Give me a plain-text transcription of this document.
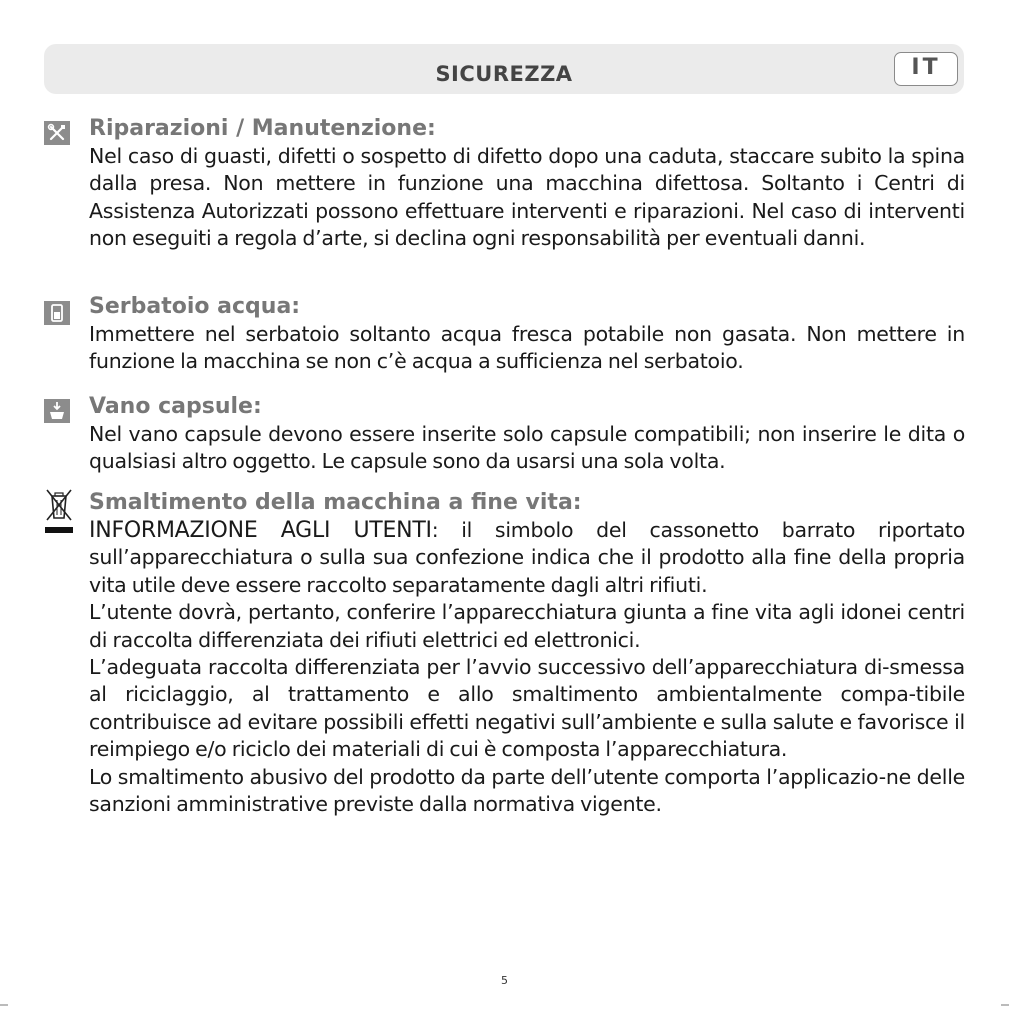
SICUREZZA	IT
Riparazioni / Manutenzione:
Nel caso di guasti, difetti o sospetto di difetto dopo una caduta, staccare subito la spina dalla presa. Non mettere in funzione una macchina difettosa. Soltanto i Centri di Assistenza Autorizzati possono effettuare interventi e riparazioni. Nel caso di interventi non eseguiti a regola d’arte, si declina ogni responsabilità per eventuali danni.
Serbatoio acqua:
Immettere nel serbatoio soltanto acqua fresca potabile non gasata. Non mettere in funzione la macchina se non c’è acqua a sufficienza nel serbatoio.
Vano capsule:
Nel vano capsule devono essere inserite solo capsule compatibili; non inserire le dita o qualsiasi altro oggetto. Le capsule sono da usarsi una sola volta.
Smaltimento della macchina a fine vita:
INFORMAZIONE AGLI UTENTI: il simbolo del cassonetto barrato riportato sull’apparecchiatura o sulla sua confezione indica che il prodotto alla fine della propria vita utile deve essere raccolto separatamente dagli altri rifiuti.
L’utente dovrà, pertanto, conferire l’apparecchiatura giunta a fine vita agli idonei centri di raccolta differenziata dei rifiuti elettrici ed elettronici.
L’adeguata raccolta differenziata per l’avvio successivo dell’apparecchiatura di-smessa al riciclaggio, al trattamento e allo smaltimento ambientalmente compa-tibile contribuisce ad evitare possibili effetti negativi sull’ambiente e sulla salute e favorisce il reimpiego e/o riciclo dei materiali di cui è composta l’apparecchiatura.
Lo smaltimento abusivo del prodotto da parte dell’utente comporta l’applicazio-ne delle sanzioni amministrative previste dalla normativa vigente.
5
